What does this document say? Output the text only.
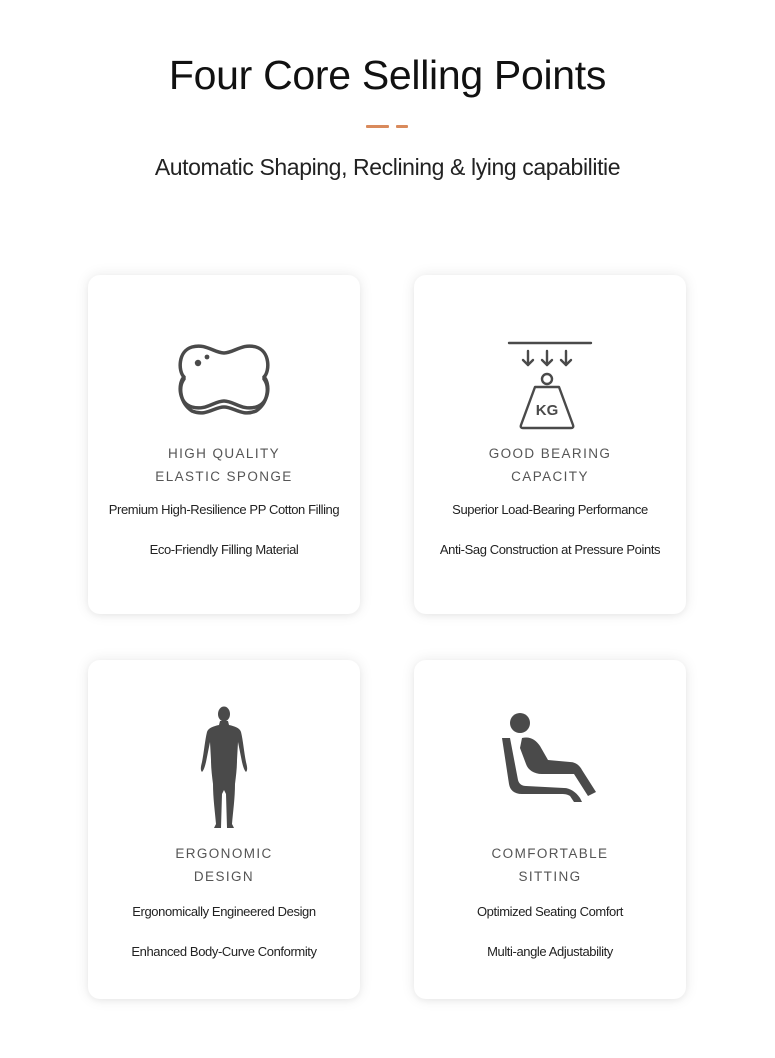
Four Core Selling Points
Automatic Shaping, Reclining & lying capabilitie
HIGH QUALITY
ELASTIC SPONGE
Premium High-Resilience PP Cotton Filling
Eco-Friendly Filling Material
KG
GOOD BEARING
CAPACITY
Superior Load-Bearing Performance
Anti-Sag Construction at Pressure Points
ERGONOMIC
DESIGN
Ergonomically Engineered Design
Enhanced Body-Curve Conformity
COMFORTABLE
SITTING
Optimized Seating Comfort
Multi-angle Adjustability
